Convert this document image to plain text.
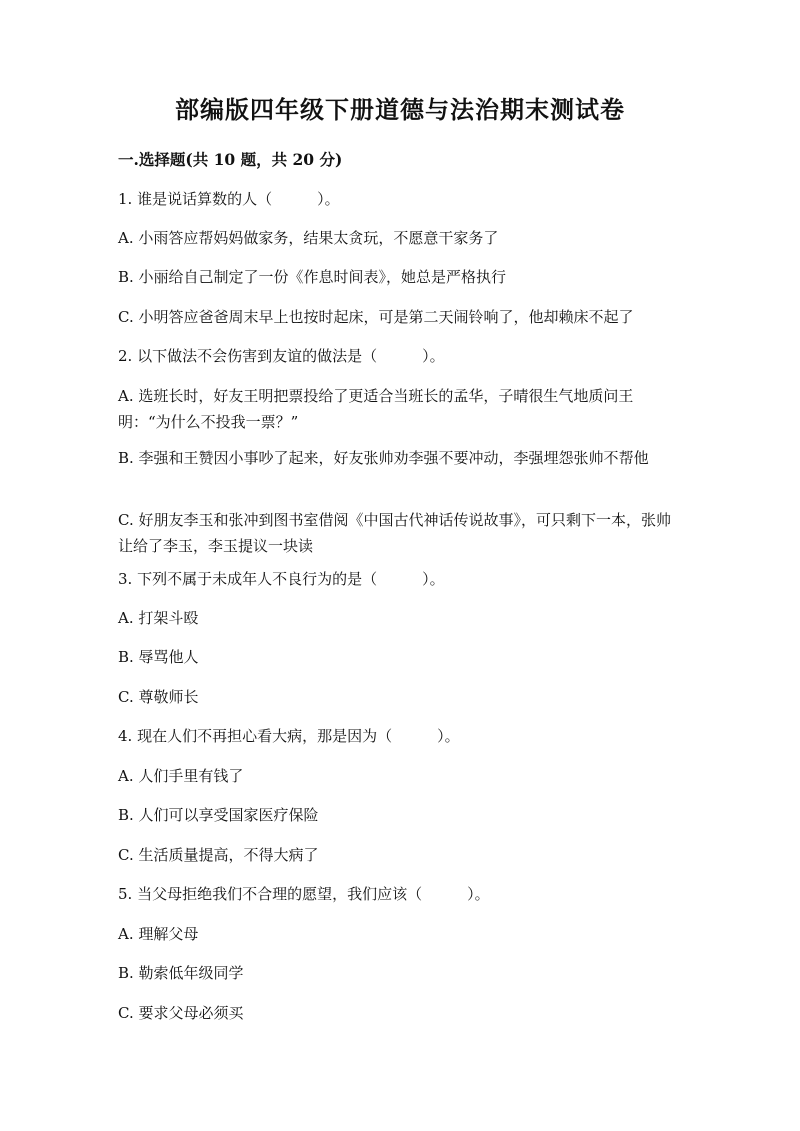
部编版四年级下册道德与法治期末测试卷

一.选择题(共 10 题，共 20 分)

1. 谁是说话算数的人（　　　）。

A. 小雨答应帮妈妈做家务，结果太贪玩，不愿意干家务了

B. 小丽给自己制定了一份《作息时间表》，她总是严格执行

C. 小明答应爸爸周末早上也按时起床，可是第二天闹铃响了，他却赖床不起了

2. 以下做法不会伤害到友谊的做法是（　　　）。

A. 选班长时，好友王明把票投给了更适合当班长的孟华，子晴很生气地质问王明：“为什么不投我一票？”

B. 李强和王赞因小事吵了起来，好友张帅劝李强不要冲动，李强埋怨张帅不帮他

C. 好朋友李玉和张冲到图书室借阅《中国古代神话传说故事》，可只剩下一本，张帅让给了李玉，李玉提议一块读

3. 下列不属于未成年人不良行为的是（　　　）。

A. 打架斗殴

B. 辱骂他人

C. 尊敬师长

4. 现在人们不再担心看大病，那是因为（　　　）。

A. 人们手里有钱了

B. 人们可以享受国家医疗保险

C. 生活质量提高，不得大病了

5. 当父母拒绝我们不合理的愿望，我们应该（　　　）。

A. 理解父母

B. 勒索低年级同学

C. 要求父母必须买
